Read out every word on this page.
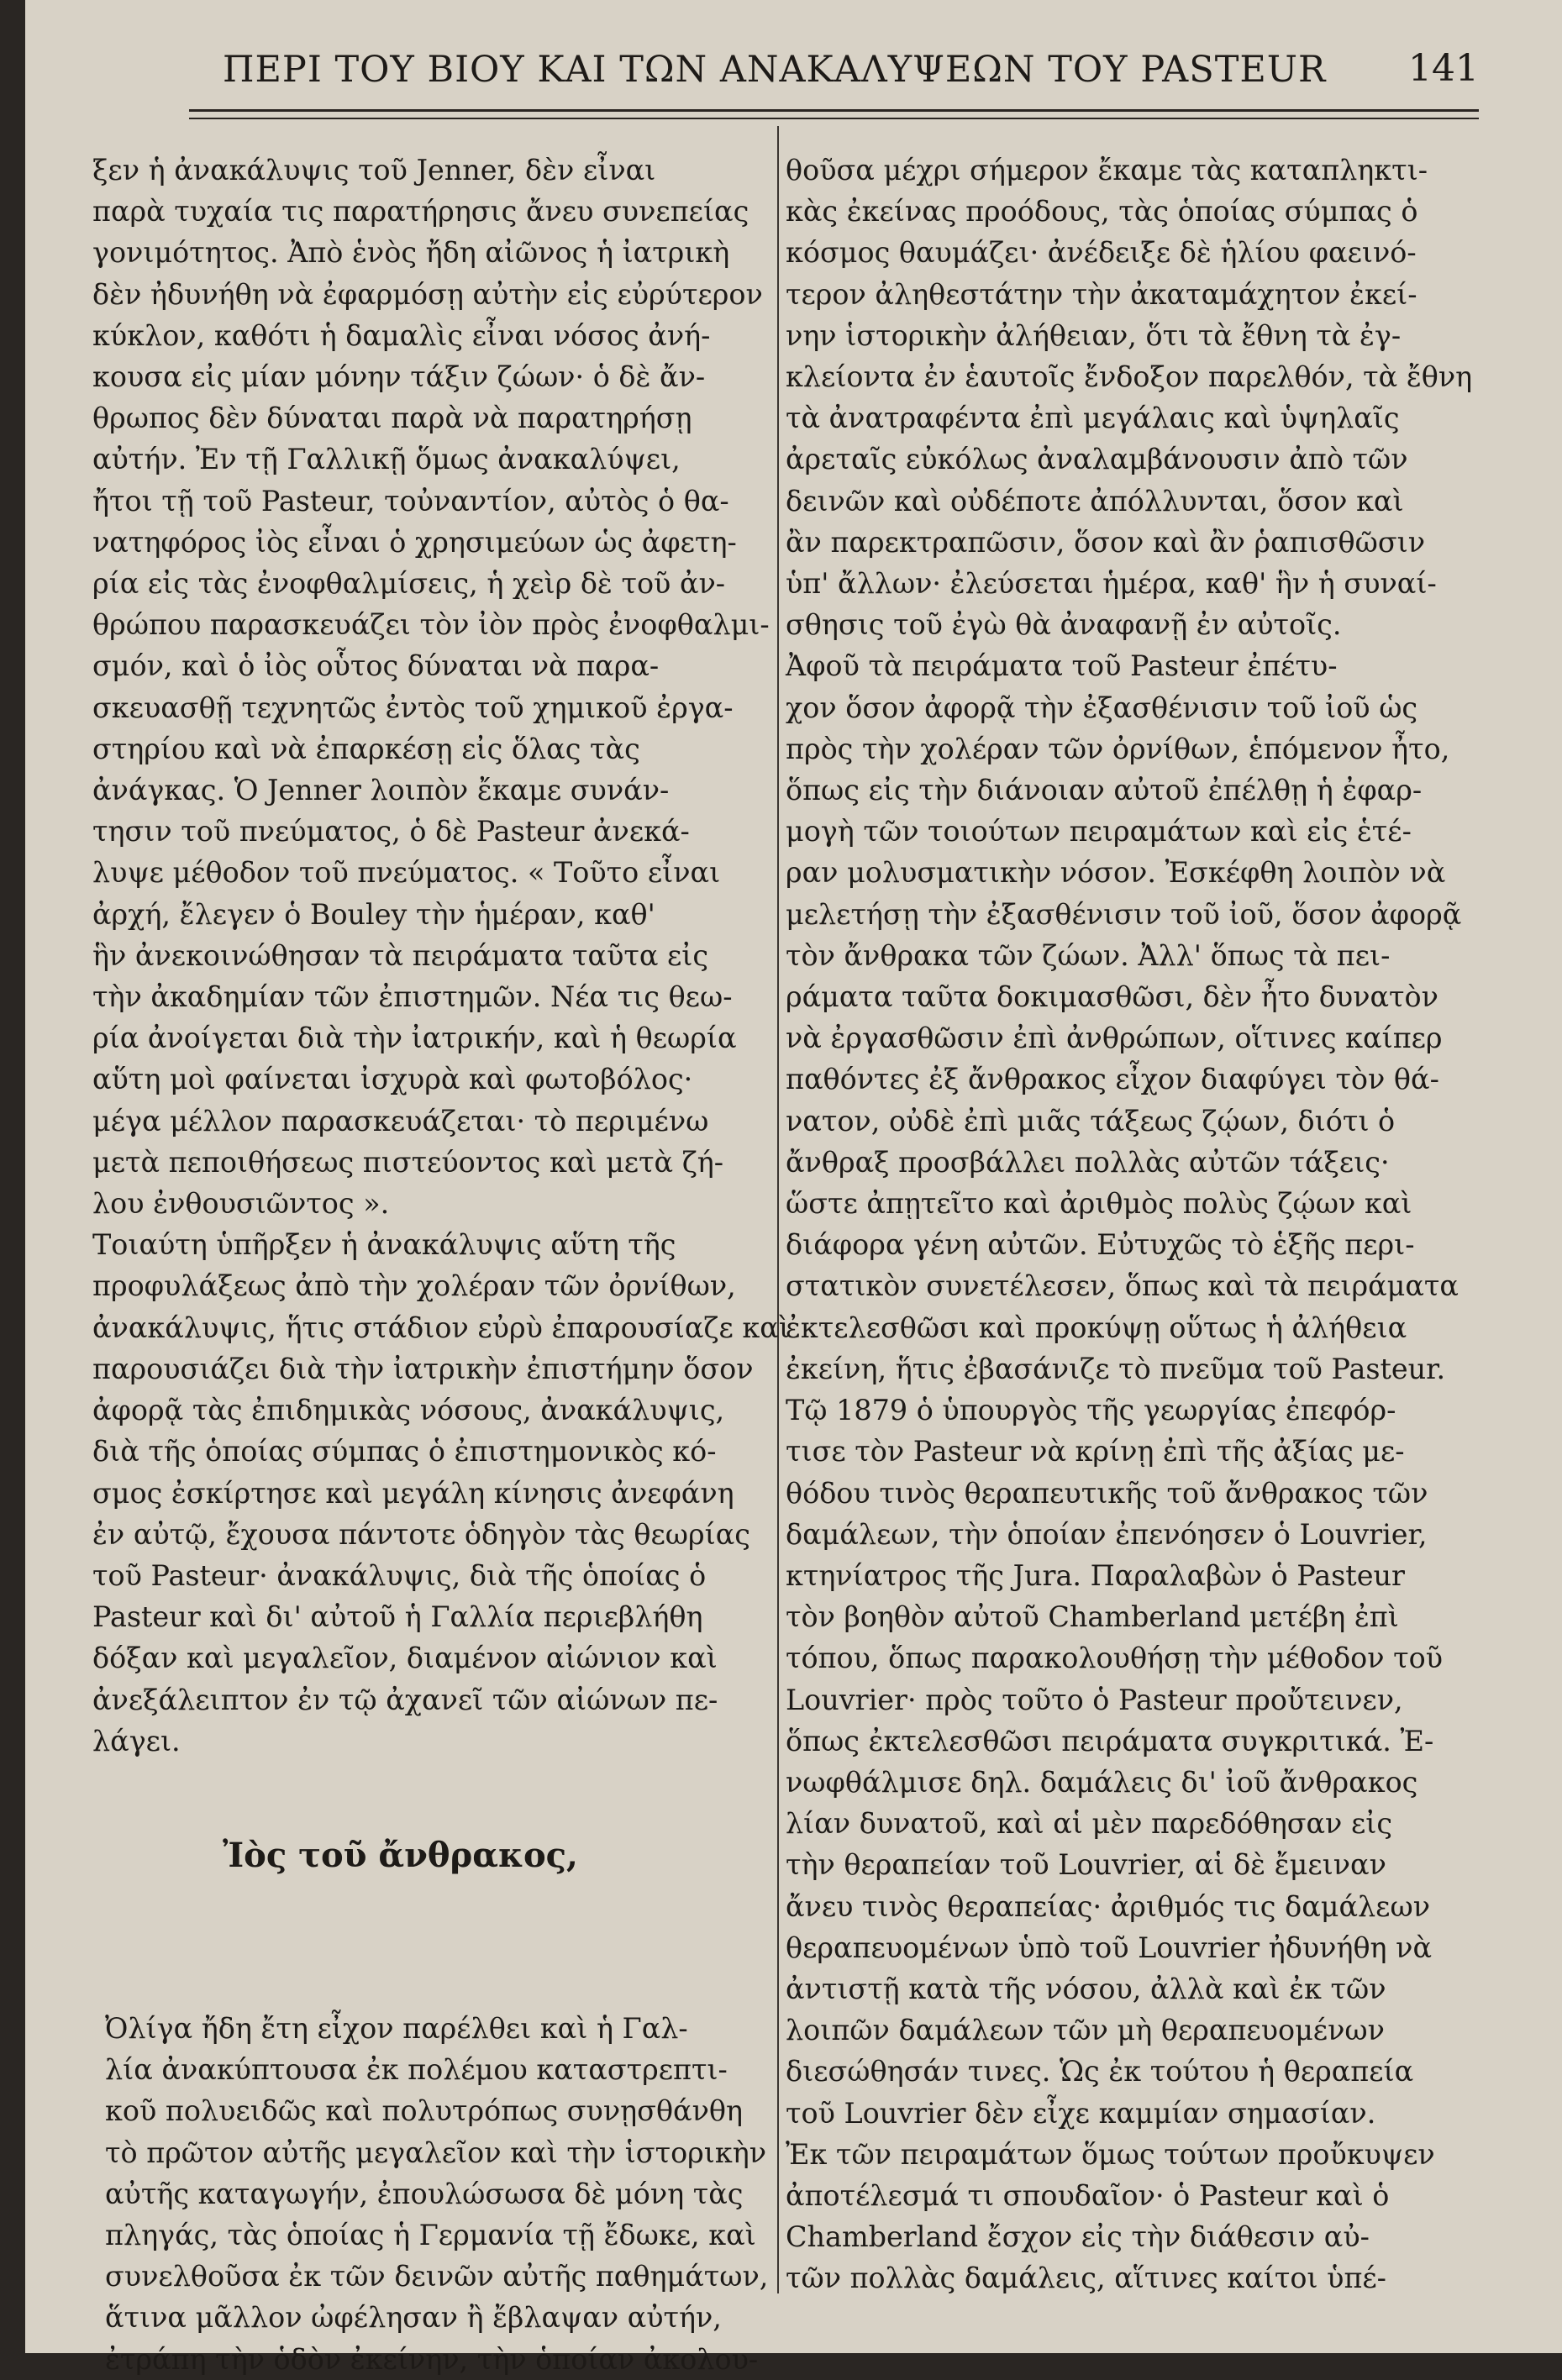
ΠΕΡΙ ΤΟΥ ΒΙΟΥ ΚΑΙ ΤΩΝ ΑΝΑΚΑΛΥΨΕΩΝ ΤΟΥ PASTEUR 141
ξεν ἡ ἀνακάλυψις τοῦ Jenner, δὲν εἶναι
παρὰ τυχαία τις παρατήρησις ἄνευ συνεπείας
γονιμότητος. Ἀπὸ ἑνὸς ἤδη αἰῶνος ἡ ἰατρικὴ
δὲν ἠδυνήθη νὰ ἐφαρμόσῃ αὐτὴν εἰς εὐρύτερον
κύκλον, καθότι ἡ δαμαλὶς εἶναι νόσος ἀνή-
κουσα εἰς μίαν μόνην τάξιν ζώων· ὁ δὲ ἄν-
θρωπος δὲν δύναται παρὰ νὰ παρατηρήσῃ
αὐτήν. Ἐν τῇ Γαλλικῇ ὅμως ἀνακαλύψει,
ἤτοι τῇ τοῦ Pasteur, τοὐναντίον, αὐτὸς ὁ θα-
νατηφόρος ἰὸς εἶναι ὁ χρησιμεύων ὡς ἀφετη-
ρία εἰς τὰς ἐνοφθαλμίσεις, ἡ χεὶρ δὲ τοῦ ἀν-
θρώπου παρασκευάζει τὸν ἰὸν πρὸς ἐνοφθαλμι-
σμόν, καὶ ὁ ἰὸς οὗτος δύναται νὰ παρα-
σκευασθῇ τεχνητῶς ἐντὸς τοῦ χημικοῦ ἐργα-
στηρίου καὶ νὰ ἐπαρκέσῃ εἰς ὅλας τὰς
ἀνάγκας. Ὁ Jenner λοιπὸν ἔκαμε συνάν-
τησιν τοῦ πνεύματος, ὁ δὲ Pasteur ἀνεκά-
λυψε μέθοδον τοῦ πνεύματος. « Τοῦτο εἶναι
ἀρχή, ἔλεγεν ὁ Bouley τὴν ἡμέραν, καθ'
ἣν ἀνεκοινώθησαν τὰ πειράματα ταῦτα εἰς
τὴν ἀκαδημίαν τῶν ἐπιστημῶν. Νέα τις θεω-
ρία ἀνοίγεται διὰ τὴν ἰατρικήν, καὶ ἡ θεωρία
αὕτη μοὶ φαίνεται ἰσχυρὰ καὶ φωτοβόλος·
μέγα μέλλον παρασκευάζεται· τὸ περιμένω
μετὰ πεποιθήσεως πιστεύοντος καὶ μετὰ ζή-
λου ἐνθουσιῶντος ».
Τοιαύτη ὑπῆρξεν ἡ ἀνακάλυψις αὕτη τῆς
προφυλάξεως ἀπὸ τὴν χολέραν τῶν ὀρνίθων,
ἀνακάλυψις, ἥτις στάδιον εὐρὺ ἐπαρουσίαζε καὶ
παρουσιάζει διὰ τὴν ἰατρικὴν ἐπιστήμην ὅσον
ἀφορᾷ τὰς ἐπιδημικὰς νόσους, ἀνακάλυψις,
διὰ τῆς ὁποίας σύμπας ὁ ἐπιστημονικὸς κό-
σμος ἐσκίρτησε καὶ μεγάλη κίνησις ἀνεφάνη
ἐν αὐτῷ, ἔχουσα πάντοτε ὁδηγὸν τὰς θεωρίας
τοῦ Pasteur· ἀνακάλυψις, διὰ τῆς ὁποίας ὁ
Pasteur καὶ δι' αὐτοῦ ἡ Γαλλία περιεβλήθη
δόξαν καὶ μεγαλεῖον, διαμένον αἰώνιον καὶ
ἀνεξάλειπτον ἐν τῷ ἀχανεῖ τῶν αἰώνων πε-
λάγει.
Ἰὸς τοῦ ἄνθρακος,
Ὀλίγα ἤδη ἔτη εἶχον παρέλθει καὶ ἡ Γαλ-
λία ἀνακύπτουσα ἐκ πολέμου καταστρεπτι-
κοῦ πολυειδῶς καὶ πολυτρόπως συνῃσθάνθη
τὸ πρῶτον αὐτῆς μεγαλεῖον καὶ τὴν ἱστορικὴν
αὐτῆς καταγωγήν, ἐπουλώσωσα δὲ μόνη τὰς
πληγάς, τὰς ὁποίας ἡ Γερμανία τῇ ἔδωκε, καὶ
συνελθοῦσα ἐκ τῶν δεινῶν αὐτῆς παθημάτων,
ἅτινα μᾶλλον ὠφέλησαν ἢ ἔβλαψαν αὐτήν,
ἐτράπη τὴν ὁδὸν ἐκείνην, τὴν ὁποίαν ἀκολου-
θοῦσα μέχρι σήμερον ἔκαμε τὰς καταπληκτι-
κὰς ἐκείνας προόδους, τὰς ὁποίας σύμπας ὁ
κόσμος θαυμάζει· ἀνέδειξε δὲ ἡλίου φαεινό-
τερον ἀληθεστάτην τὴν ἀκαταμάχητον ἐκεί-
νην ἱστορικὴν ἀλήθειαν, ὅτι τὰ ἔθνη τὰ ἐγ-
κλείοντα ἐν ἑαυτοῖς ἔνδοξον παρελθόν, τὰ ἔθνη
τὰ ἀνατραφέντα ἐπὶ μεγάλαις καὶ ὑψηλαῖς
ἀρεταῖς εὐκόλως ἀναλαμβάνουσιν ἀπὸ τῶν
δεινῶν καὶ οὐδέποτε ἀπόλλυνται, ὅσον καὶ
ἂν παρεκτραπῶσιν, ὅσον καὶ ἂν ῥαπισθῶσιν
ὑπ' ἄλλων· ἐλεύσεται ἡμέρα, καθ' ἣν ἡ συναί-
σθησις τοῦ ἐγὼ θὰ ἀναφανῇ ἐν αὐτοῖς.
Ἀφοῦ τὰ πειράματα τοῦ Pasteur ἐπέτυ-
χον ὅσον ἀφορᾷ τὴν ἐξασθένισιν τοῦ ἰοῦ ὡς
πρὸς τὴν χολέραν τῶν ὀρνίθων, ἑπόμενον ἦτο,
ὅπως εἰς τὴν διάνοιαν αὐτοῦ ἐπέλθῃ ἡ ἐφαρ-
μογὴ τῶν τοιούτων πειραμάτων καὶ εἰς ἑτέ-
ραν μολυσματικὴν νόσον. Ἐσκέφθη λοιπὸν νὰ
μελετήσῃ τὴν ἐξασθένισιν τοῦ ἰοῦ, ὅσον ἀφορᾷ
τὸν ἄνθρακα τῶν ζώων. Ἀλλ' ὅπως τὰ πει-
ράματα ταῦτα δοκιμασθῶσι, δὲν ἦτο δυνατὸν
νὰ ἐργασθῶσιν ἐπὶ ἀνθρώπων, οἵτινες καίπερ
παθόντες ἐξ ἄνθρακος εἶχον διαφύγει τὸν θά-
νατον, οὐδὲ ἐπὶ μιᾶς τάξεως ζῴων, διότι ὁ
ἄνθραξ προσβάλλει πολλὰς αὐτῶν τάξεις·
ὥστε ἀπῃτεῖτο καὶ ἀριθμὸς πολὺς ζῴων καὶ
διάφορα γένη αὐτῶν. Εὐτυχῶς τὸ ἑξῆς περι-
στατικὸν συνετέλεσεν, ὅπως καὶ τὰ πειράματα
ἐκτελεσθῶσι καὶ προκύψῃ οὕτως ἡ ἀλήθεια
ἐκείνη, ἥτις ἐβασάνιζε τὸ πνεῦμα τοῦ Pasteur.
Τῷ 1879 ὁ ὑπουργὸς τῆς γεωργίας ἐπεφόρ-
τισε τὸν Pasteur νὰ κρίνῃ ἐπὶ τῆς ἀξίας με-
θόδου τινὸς θεραπευτικῆς τοῦ ἄνθρακος τῶν
δαμάλεων, τὴν ὁποίαν ἐπενόησεν ὁ Louvrier,
κτηνίατρος τῆς Jura. Παραλαβὼν ὁ Pasteur
τὸν βοηθὸν αὐτοῦ Chamberland μετέβη ἐπὶ
τόπου, ὅπως παρακολουθήσῃ τὴν μέθοδον τοῦ
Louvrier· πρὸς τοῦτο ὁ Pasteur προὔτεινεν,
ὅπως ἐκτελεσθῶσι πειράματα συγκριτικά. Ἐ-
νωφθάλμισε δηλ. δαμάλεις δι' ἰοῦ ἄνθρακος
λίαν δυνατοῦ, καὶ αἱ μὲν παρεδόθησαν εἰς
τὴν θεραπείαν τοῦ Louvrier, αἱ δὲ ἔμειναν
ἄνευ τινὸς θεραπείας· ἀριθμός τις δαμάλεων
θεραπευομένων ὑπὸ τοῦ Louvrier ἠδυνήθη νὰ
ἀντιστῇ κατὰ τῆς νόσου, ἀλλὰ καὶ ἐκ τῶν
λοιπῶν δαμάλεων τῶν μὴ θεραπευομένων
διεσώθησάν τινες. Ὡς ἐκ τούτου ἡ θεραπεία
τοῦ Louvrier δὲν εἶχε καμμίαν σημασίαν.
Ἐκ τῶν πειραμάτων ὅμως τούτων προὔκυψεν
ἀποτέλεσμά τι σπουδαῖον· ὁ Pasteur καὶ ὁ
Chamberland ἔσχον εἰς τὴν διάθεσιν αὐ-
τῶν πολλὰς δαμάλεις, αἵτινες καίτοι ὑπέ-
